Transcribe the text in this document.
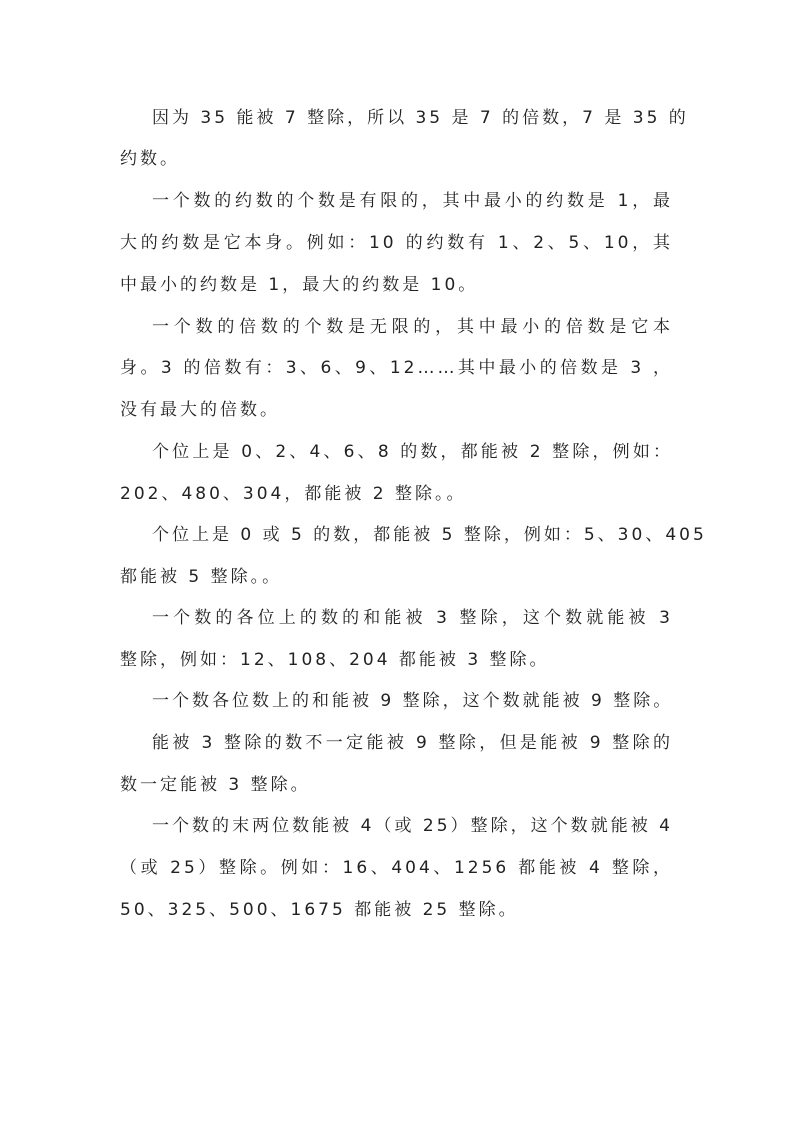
因为 35 能被 7 整除，所以 35 是 7 的倍数，7 是 35 的
约数。
一个数的约数的个数是有限的，其中最小的约数是 1，最
大的约数是它本身。例如：10 的约数有 1、2、5、10，其
中最小的约数是 1，最大的约数是 10。
一个数的倍数的个数是无限的，其中最小的倍数是它本
身。3 的倍数有：3、6、9、12……其中最小的倍数是 3 ，
没有最大的倍数。
个位上是 0、2、4、6、8 的数，都能被 2 整除，例如：
202、480、304，都能被 2 整除。。
个位上是 0 或 5 的数，都能被 5 整除，例如：5、30、405
都能被 5 整除。。
一个数的各位上的数的和能被 3 整除，这个数就能被 3
整除，例如：12、108、204 都能被 3 整除。
一个数各位数上的和能被 9 整除，这个数就能被 9 整除。
能被 3 整除的数不一定能被 9 整除，但是能被 9 整除的
数一定能被 3 整除。
一个数的末两位数能被 4（或 25）整除，这个数就能被 4
（或 25）整除。例如：16、404、1256 都能被 4 整除，
50、325、500、1675 都能被 25 整除。
